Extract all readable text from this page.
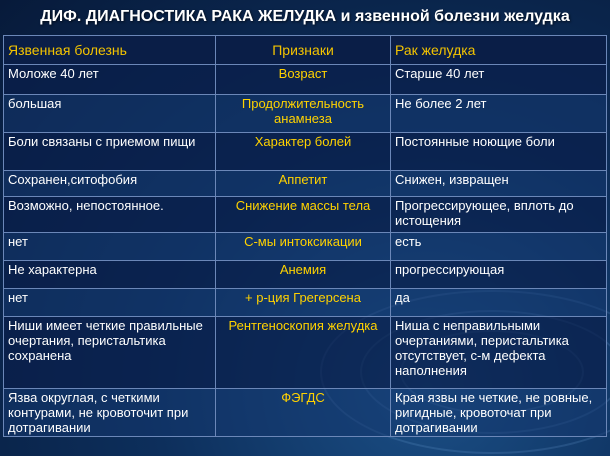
ДИФ. ДИАГНОСТИКА РАКА ЖЕЛУДКА и язвенной болезни желудка
Язвенная болезнь	Признаки	Рак желудка
Моложе 40 лет	Возраст	Старше 40 лет
большая	Продолжительность анамнеза	Не более 2 лет
Боли связаны с приемом пищи	Характер болей	Постоянные ноющие боли
Сохранен,ситофобия	Аппетит	Снижен, извращен
Возможно, непостоянное.	Снижение массы тела	Прогрессирующее, вплоть до истощения
нет	С-мы интоксикации	есть
Не характерна	Анемия	прогрессирующая
нет	+ р-ция Грегерсена	да
Ниши имеет четкие правильные очертания, перистальтика сохранена	Рентгеноскопия желудка	Ниша с неправильными очертаниями, перистальтика отсутствует, с-м дефекта наполнения
Язва округлая, с четкими контурами, не кровоточит при дотрагивании	ФЭГДС	Края язвы не четкие, не ровные, ригидные, кровоточат при дотрагивании
